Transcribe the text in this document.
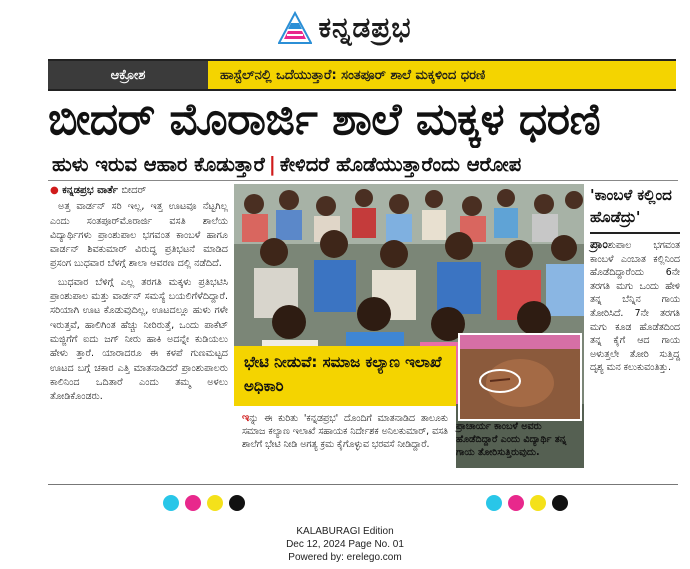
ಕನ್ನಡಪ್ರಭ
ಆಕ್ರೋಶ	ಹಾಸ್ಟೆಲ್‌ನಲ್ಲಿ ಒದೆಯುತ್ತಾರೆ: ಸಂತಪೂರ್ ಶಾಲೆ ಮಕ್ಕಳಿಂದ ಧರಣಿ
ಬೀದರ್ ಮೊರಾರ್ಜಿ ಶಾಲೆ ಮಕ್ಕಳ ಧರಣಿ
ಹುಳು ಇರುವ ಆಹಾರ ಕೊಡುತ್ತಾರೆ | ಕೇಳಿದರೆ ಹೊಡೆಯುತ್ತಾರೆಂದು ಆರೋಪ
● ಕನ್ನಡಪ್ರಭ ವಾರ್ತೆ ಬೀದರ್

ಅತ್ತ ವಾರ್ಡನ್ ಸರಿ ಇಲ್ಲ, ಇತ್ತ ಊಟವೂ ನೆಟ್ಟಗಿಲ್ಲ ಎಂದು ಸಂತಪೂರ್‌ಮೊರಾರ್ಜಿ ವಸತಿ ಶಾಲೆಯ ವಿದ್ಯಾರ್ಥಿಗಳು ಪ್ರಾಂಶುಪಾಲ ಭಗವಂತ ಕಾಂಬಳೆ ಹಾಗೂ ವಾರ್ಡನ್ ಶಿವಕುಮಾರ್ ವಿರುದ್ಧ ಪ್ರತಿಭಟನೆ ಮಾಡಿದ ಪ್ರಸಂಗ ಬುಧವಾರ ಬೆಳಗ್ಗೆ ಶಾಲಾ ಆವರಣ ದಲ್ಲಿ ನಡೆದಿದೆ.

ಬುಧವಾರ ಬೆಳಿಗ್ಗೆ ಎಲ್ಲ ತರಗತಿ ಮಕ್ಕಳು ಪ್ರತಿಭಟಿಸಿ ಪ್ರಾಂಶುಪಾಲ ಮತ್ತು ವಾರ್ಡನ್ ಸಮಸ್ಯೆ ಬಯಲಿಗೆಳೆದಿದ್ದಾರೆ. ಸರಿಯಾಗಿ ಊಟ ಕೊಡುವುದಿಲ್ಲ, ಊಟದಲ್ಲೂ ಹುಳು ಗಳೇ ಇರುತ್ತವೆ, ಹಾಲಿಗಿಂತ ಹೆಚ್ಚು ನೀರಿರುತ್ತೆ, ಒಂದು ಪಾಕೆಟ್ ಮಜ್ಜಿಗೆಗೆ ಐದು ಜಗ್ ನೀರು ಹಾಕಿ ಅದನ್ನೇ ಕುಡಿಯಲು ಹೇಳು ತ್ತಾರೆ. ಯಾರಾದರೂ ಈ ಕಳಪೆ ಗುಣಮಟ್ಟದ ಊಟದ ಬಗ್ಗೆ ಚಕಾರ ಎತ್ತಿ ಮಾತನಾಡಿದರೆ ಪ್ರಾಂಶುಪಾಲರು ಕಾಲಿನಿಂದ ಒದಿತಾರೆ ಎಂದು ತಮ್ಮ ಅಳಲು ತೋಡಿಕೊಂಡರು.

ಭೇಟಿ ನೀಡುವೆ: ಸಮಾಜ ಕಲ್ಯಾಣ ಇಲಾಖೆ ಅಧಿಕಾರಿ
ಇನ್ನು ಈ ಕುರಿತು 'ಕನ್ನಡಪ್ರಭ' ದೊಂದಿಗೆ ಮಾತನಾಡಿದ ತಾಲೂಕು ಸಮಾಜ ಕಲ್ಯಾಣ ಇಲಾಖೆ ಸಹಾಯಕ ನಿರ್ದೇಶಕ ಅನಿಲಕುಮಾರ್, ವಸತಿ ಶಾಲೆಗೆ ಭೇಟಿ ನೀಡಿ ಅಗತ್ಯ ಕ್ರಮ ಕೈಗೊಳ್ಳುವ ಭರವಸೆ ನೀಡಿದ್ದಾರೆ.
ಪ್ರಾಚಾರ್ಯ ಕಾಂಬಳೆ ಅವರು ಹೊಡೆದಿದ್ದಾರೆ ಎಂದು ವಿದ್ಯಾರ್ಥಿ ತನ್ನ ಗಾಯ ತೋರಿಸುತ್ತಿರುವುದು.
'ಕಾಂಬಳೆ ಕಲ್ಲಿಂದ ಹೊಡೆದ್ರು'
ಪ್ರಾಂಶುಪಾಲ ಭಗವಂತ ಕಾಂಬಳೆ ಎಂಬಾತ ಕಲ್ಲಿನಿಂದ ಹೊಡೆದಿದ್ದಾರೆಂದು 6ನೇ ತರಗತಿ ಮಗು ಒಂದು ಹೇಳಿ ತನ್ನ ಬೆನ್ನಿನ ಗಾಯ ತೋರಿಸಿದೆ. 7ನೇ ತರಗತಿ ಮಗು ಕೂಡ ಹೊಡೆತದಿಂದ ತನ್ನ ಕೈಗೆ ಆದ ಗಾಯ ಅಳುತ್ತಲೇ ತೋರಿ ಸುತ್ತಿದ್ದ ದೃಶ್ಯ ಮನ ಕಲುಕುವಂತಿತ್ತು.
KALABURAGI Edition
Dec 12, 2024 Page No. 01
Powered by: erelego.com
